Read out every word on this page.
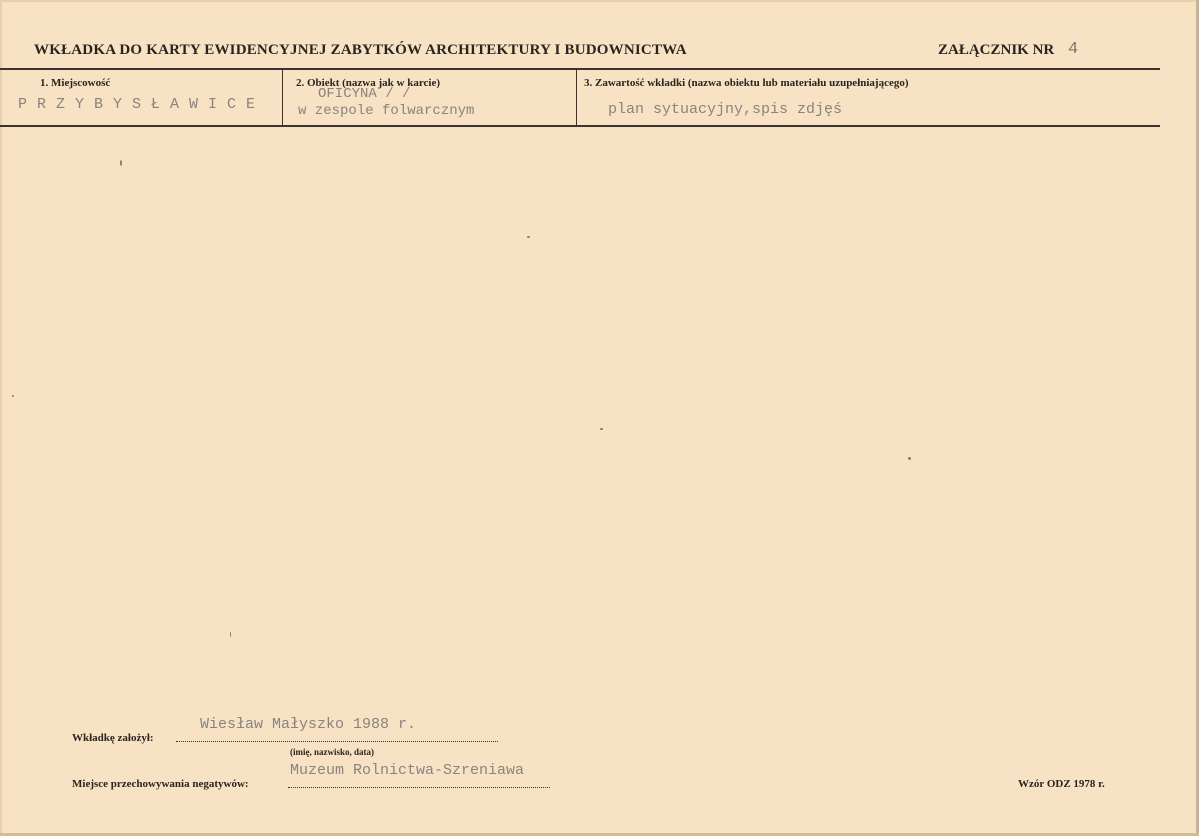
WKŁADKA DO KARTY EWIDENCYJNEJ ZABYTKÓW ARCHITEKTURY I BUDOWNICTWA	ZAŁĄCZNIK NR 4
1. Miejscowość
PRZYBYSŁAWICE
2. Obiekt (nazwa jak w karcie)
OFICYNA / /
w zespole folwarcznym
3. Zawartość wkładki (nazwa obiektu lub materiału uzupełniającego)
plan sytuacyjny,spis zdjęś
Wkładkę założył:
Wiesław Małyszko 1988 r.
(imię, nazwisko, data)
Miejsce przechowywania negatywów:
Muzeum Rolnictwa-Szreniawa
Wzór ODZ 1978 r.
